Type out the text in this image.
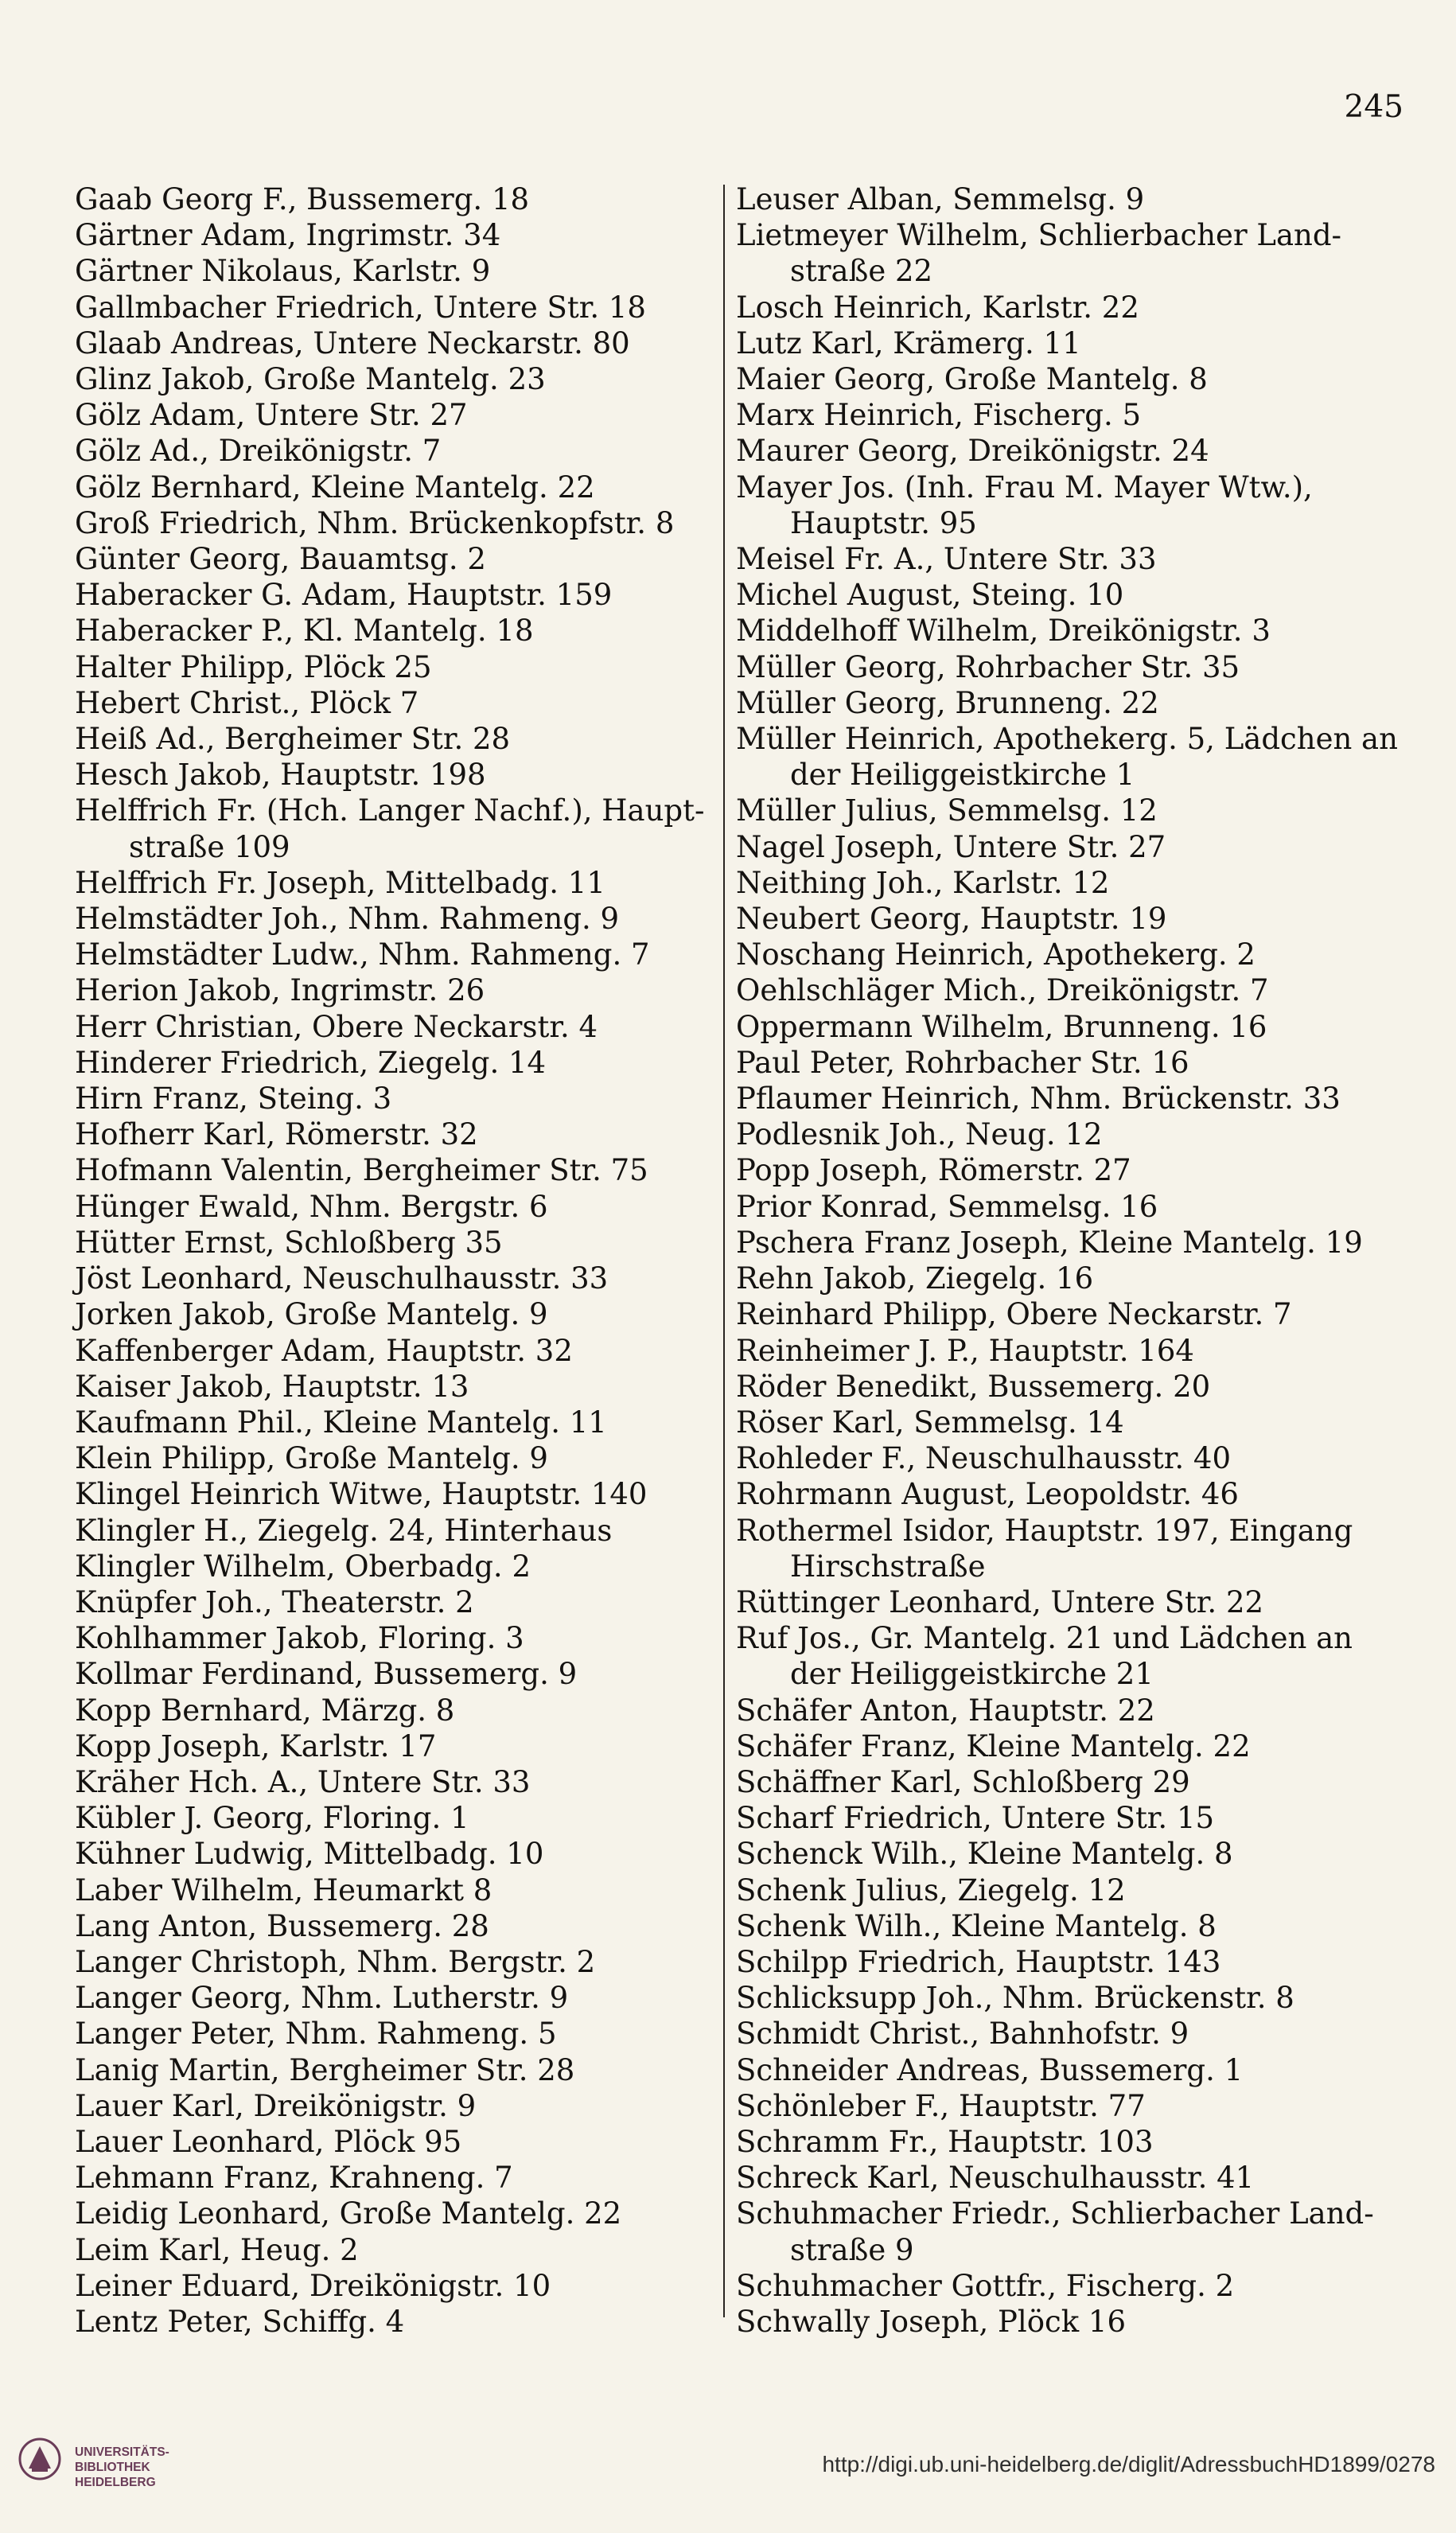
245
Gaab Georg F., Bussemerg. 18
Gärtner Adam, Ingrimstr. 34
Gärtner Nikolaus, Karlstr. 9
Gallmbacher Friedrich, Untere Str. 18
Glaab Andreas, Untere Neckarstr. 80
Glinz Jakob, Große Mantelg. 23
Gölz Adam, Untere Str. 27
Gölz Ad., Dreikönigstr. 7
Gölz Bernhard, Kleine Mantelg. 22
Groß Friedrich, Nhm. Brückenkopfstr. 8
Günter Georg, Bauamtsg. 2
Haberacker G. Adam, Hauptstr. 159
Haberacker P., Kl. Mantelg. 18
Halter Philipp, Plöck 25
Hebert Christ., Plöck 7
Heiß Ad., Bergheimer Str. 28
Hesch Jakob, Hauptstr. 198
Helffrich Fr. (Hch. Langer Nachf.), Haupt-
straße 109
Helffrich Fr. Joseph, Mittelbadg. 11
Helmstädter Joh., Nhm. Rahmeng. 9
Helmstädter Ludw., Nhm. Rahmeng. 7
Herion Jakob, Ingrimstr. 26
Herr Christian, Obere Neckarstr. 4
Hinderer Friedrich, Ziegelg. 14
Hirn Franz, Steing. 3
Hofherr Karl, Römerstr. 32
Hofmann Valentin, Bergheimer Str. 75
Hünger Ewald, Nhm. Bergstr. 6
Hütter Ernst, Schloßberg 35
Jöst Leonhard, Neuschulhausstr. 33
Jorken Jakob, Große Mantelg. 9
Kaffenberger Adam, Hauptstr. 32
Kaiser Jakob, Hauptstr. 13
Kaufmann Phil., Kleine Mantelg. 11
Klein Philipp, Große Mantelg. 9
Klingel Heinrich Witwe, Hauptstr. 140
Klingler H., Ziegelg. 24, Hinterhaus
Klingler Wilhelm, Oberbadg. 2
Knüpfer Joh., Theaterstr. 2
Kohlhammer Jakob, Floring. 3
Kollmar Ferdinand, Bussemerg. 9
Kopp Bernhard, Märzg. 8
Kopp Joseph, Karlstr. 17
Kräher Hch. A., Untere Str. 33
Kübler J. Georg, Floring. 1
Kühner Ludwig, Mittelbadg. 10
Laber Wilhelm, Heumarkt 8
Lang Anton, Bussemerg. 28
Langer Christoph, Nhm. Bergstr. 2
Langer Georg, Nhm. Lutherstr. 9
Langer Peter, Nhm. Rahmeng. 5
Lanig Martin, Bergheimer Str. 28
Lauer Karl, Dreikönigstr. 9
Lauer Leonhard, Plöck 95
Lehmann Franz, Krahneng. 7
Leidig Leonhard, Große Mantelg. 22
Leim Karl, Heug. 2
Leiner Eduard, Dreikönigstr. 10
Lentz Peter, Schiffg. 4
Leuser Alban, Semmelsg. 9
Lietmeyer Wilhelm, Schlierbacher Land-
straße 22
Losch Heinrich, Karlstr. 22
Lutz Karl, Krämerg. 11
Maier Georg, Große Mantelg. 8
Marx Heinrich, Fischerg. 5
Maurer Georg, Dreikönigstr. 24
Mayer Jos. (Inh. Frau M. Mayer Wtw.),
Hauptstr. 95
Meisel Fr. A., Untere Str. 33
Michel August, Steing. 10
Middelhoff Wilhelm, Dreikönigstr. 3
Müller Georg, Rohrbacher Str. 35
Müller Georg, Brunneng. 22
Müller Heinrich, Apothekerg. 5, Lädchen an
der Heiliggeistkirche 1
Müller Julius, Semmelsg. 12
Nagel Joseph, Untere Str. 27
Neithing Joh., Karlstr. 12
Neubert Georg, Hauptstr. 19
Noschang Heinrich, Apothekerg. 2
Oehlschläger Mich., Dreikönigstr. 7
Oppermann Wilhelm, Brunneng. 16
Paul Peter, Rohrbacher Str. 16
Pflaumer Heinrich, Nhm. Brückenstr. 33
Podlesnik Joh., Neug. 12
Popp Joseph, Römerstr. 27
Prior Konrad, Semmelsg. 16
Pschera Franz Joseph, Kleine Mantelg. 19
Rehn Jakob, Ziegelg. 16
Reinhard Philipp, Obere Neckarstr. 7
Reinheimer J. P., Hauptstr. 164
Röder Benedikt, Bussemerg. 20
Röser Karl, Semmelsg. 14
Rohleder F., Neuschulhausstr. 40
Rohrmann August, Leopoldstr. 46
Rothermel Isidor, Hauptstr. 197, Eingang
Hirschstraße
Rüttinger Leonhard, Untere Str. 22
Ruf Jos., Gr. Mantelg. 21 und Lädchen an
der Heiliggeistkirche 21
Schäfer Anton, Hauptstr. 22
Schäfer Franz, Kleine Mantelg. 22
Schäffner Karl, Schloßberg 29
Scharf Friedrich, Untere Str. 15
Schenck Wilh., Kleine Mantelg. 8
Schenk Julius, Ziegelg. 12
Schenk Wilh., Kleine Mantelg. 8
Schilpp Friedrich, Hauptstr. 143
Schlicksupp Joh., Nhm. Brückenstr. 8
Schmidt Christ., Bahnhofstr. 9
Schneider Andreas, Bussemerg. 1
Schönleber F., Hauptstr. 77
Schramm Fr., Hauptstr. 103
Schreck Karl, Neuschulhausstr. 41
Schuhmacher Friedr., Schlierbacher Land-
straße 9
Schuhmacher Gottfr., Fischerg. 2
Schwally Joseph, Plöck 16
UNIVERSITÄTS-
BIBLIOTHEK
HEIDELBERG
http://digi.ub.uni-heidelberg.de/diglit/AdressbuchHD1899/0278
